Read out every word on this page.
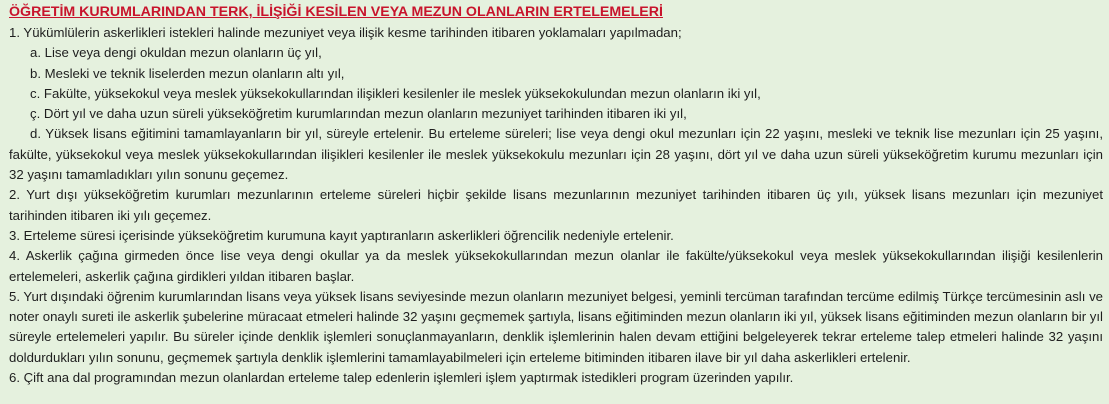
ÖĞRETİM KURUMLARINDAN TERK, İLİŞİĞİ KESİLEN VEYA MEZUN OLANLARIN ERTELEMELERİ
1. Yükümlülerin askerlikleri istekleri halinde mezuniyet veya ilişik kesme tarihinden itibaren yoklamaları yapılmadan;
a. Lise veya dengi okuldan mezun olanların üç yıl,
b. Mesleki ve teknik liselerden mezun olanların altı yıl,
c. Fakülte, yüksekokul veya meslek yüksekokullarından ilişikleri kesilenler ile meslek yüksekokulundan mezun olanların iki yıl,
ç. Dört yıl ve daha uzun süreli yükseköğretim kurumlarından mezun olanların mezuniyet tarihinden itibaren iki yıl,
d. Yüksek lisans eğitimini tamamlayanların bir yıl, süreyle ertelenir. Bu erteleme süreleri; lise veya dengi okul mezunları için 22 yaşını, mesleki ve teknik lise mezunları için 25 yaşını, fakülte, yüksekokul veya meslek yüksekokullarından ilişikleri kesilenler ile meslek yüksekokulu mezunları için 28 yaşını, dört yıl ve daha uzun süreli yükseköğretim kurumu mezunları için 32 yaşını tamamladıkları yılın sonunu geçemez.
2. Yurt dışı yükseköğretim kurumları mezunlarının erteleme süreleri hiçbir şekilde lisans mezunlarının mezuniyet tarihinden itibaren üç yılı, yüksek lisans mezunları için mezuniyet tarihinden itibaren iki yılı geçemez.
3. Erteleme süresi içerisinde yükseköğretim kurumuna kayıt yaptıranların askerlikleri öğrencilik nedeniyle ertelenir.
4. Askerlik çağına girmeden önce lise veya dengi okullar ya da meslek yüksekokullarından mezun olanlar ile fakülte/yüksekokul veya meslek yüksekokullarından ilişiği kesilenlerin ertelemeleri, askerlik çağına girdikleri yıldan itibaren başlar.
5. Yurt dışındaki öğrenim kurumlarından lisans veya yüksek lisans seviyesinde mezun olanların mezuniyet belgesi, yeminli tercüman tarafından tercüme edilmiş Türkçe tercümesinin aslı ve noter onaylı sureti ile askerlik şubelerine müracaat etmeleri halinde 32 yaşını geçmemek şartıyla, lisans eğitiminden mezun olanların iki yıl, yüksek lisans eğitiminden mezun olanların bir yıl süreyle ertelemeleri yapılır. Bu süreler içinde denklik işlemleri sonuçlanmayanların, denklik işlemlerinin halen devam ettiğini belgeleyerek tekrar erteleme talep etmeleri halinde 32 yaşını doldurdukları yılın sonunu, geçmemek şartıyla denklik işlemlerini tamamlayabilmeleri için erteleme bitiminden itibaren ilave bir yıl daha askerlikleri ertelenir.
6. Çift ana dal programından mezun olanlardan erteleme talep edenlerin işlemleri işlem yaptırmak istedikleri program üzerinden yapılır.
